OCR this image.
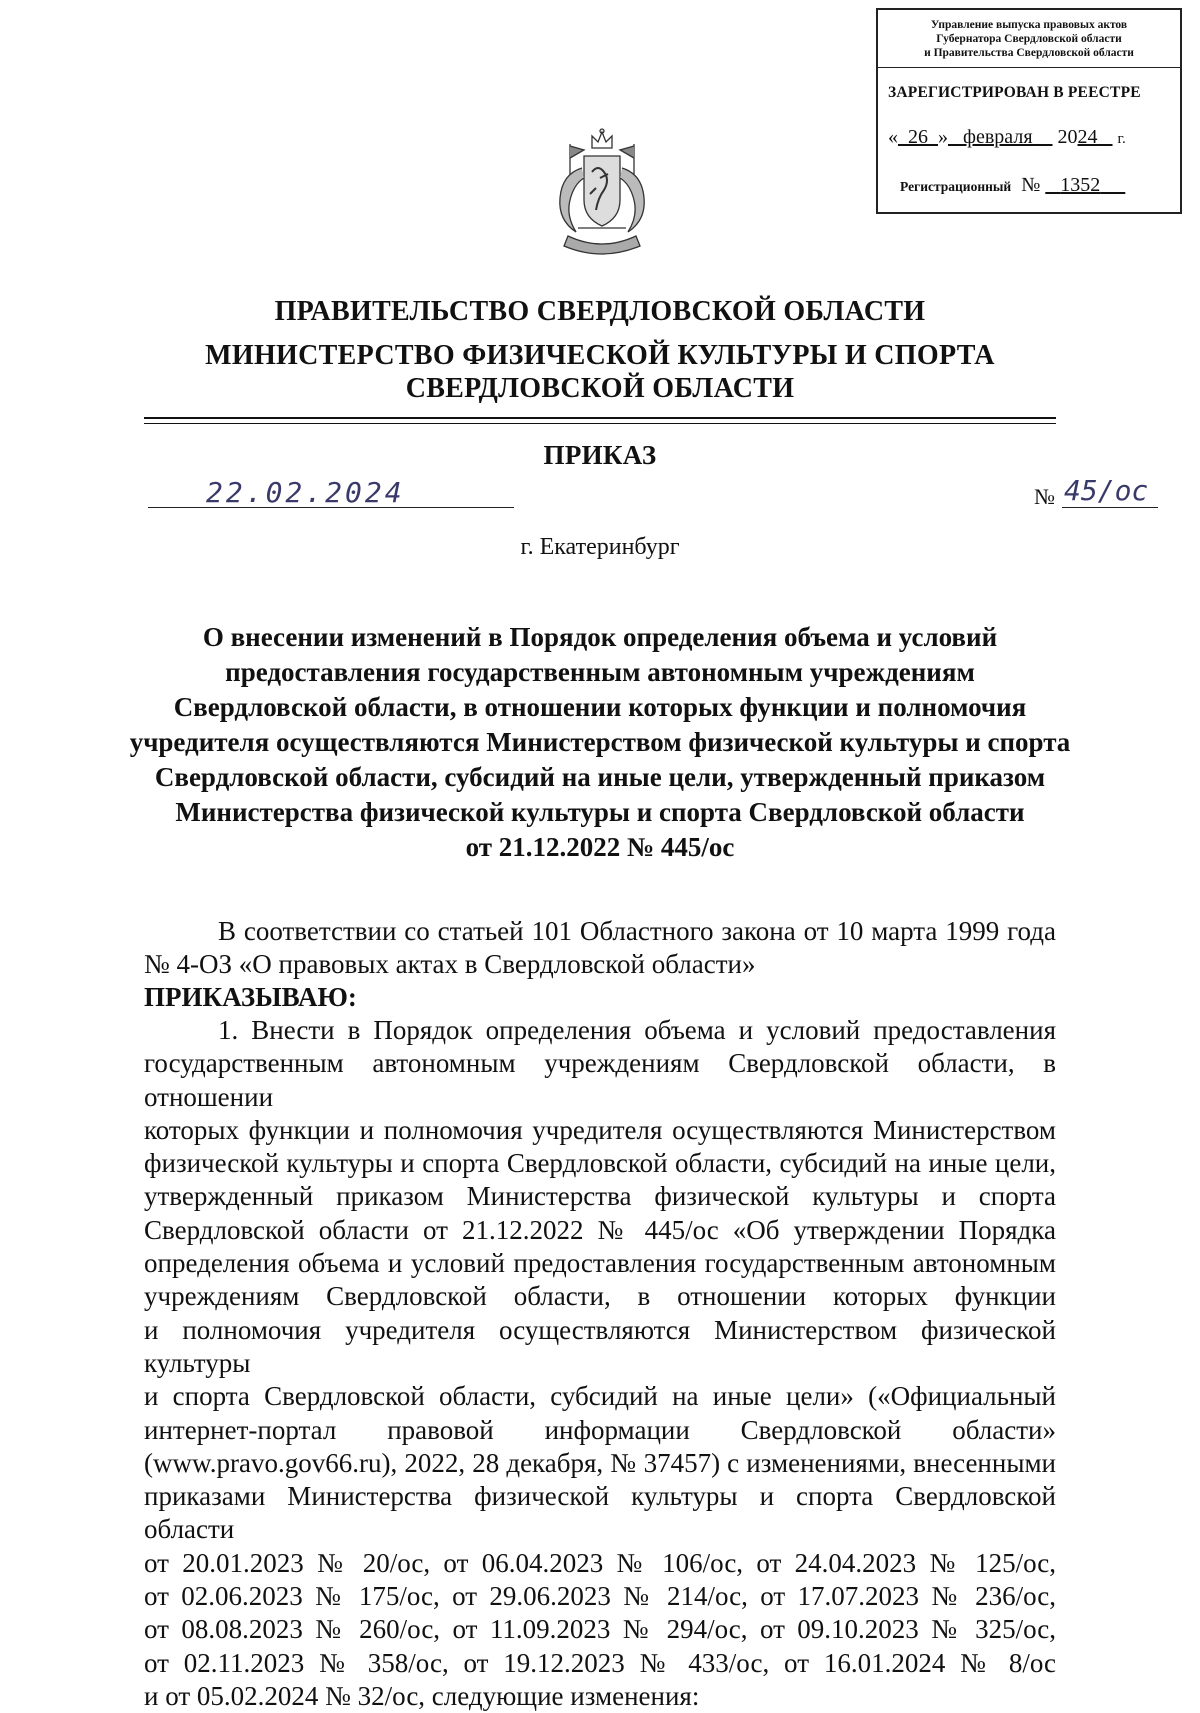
Управление выпуска правовых актов
Губернатора Свердловской области
и Правительства Свердловской области
ЗАРЕГИСТРИРОВАН В РЕЕСТРЕ
« 26 » февраля 2024 г.
Регистрационный № 1352
ПРАВИТЕЛЬСТВО СВЕРДЛОВСКОЙ ОБЛАСТИ
МИНИСТЕРСТВО ФИЗИЧЕСКОЙ КУЛЬТУРЫ И СПОРТА
СВЕРДЛОВСКОЙ ОБЛАСТИ
ПРИКАЗ
22.02.2024	№ 45/ос
г. Екатеринбург
О внесении изменений в Порядок определения объема и условий
предоставления государственным автономным учреждениям
Свердловской области, в отношении которых функции и полномочия
учредителя осуществляются Министерством физической культуры и спорта
Свердловской области, субсидий на иные цели, утвержденный приказом
Министерства физической культуры и спорта Свердловской области
от 21.12.2022 № 445/ос
В соответствии со статьей 101 Областного закона от 10 марта 1999 года
№ 4-ОЗ «О правовых актах в Свердловской области»
ПРИКАЗЫВАЮ:
1. Внести в Порядок определения объема и условий предоставления
государственным автономным учреждениям Свердловской области, в отношении
которых функции и полномочия учредителя осуществляются Министерством
физической культуры и спорта Свердловской области, субсидий на иные цели,
утвержденный приказом Министерства физической культуры и спорта
Свердловской области от 21.12.2022 № 445/ос «Об утверждении Порядка
определения объема и условий предоставления государственным автономным
учреждениям Свердловской области, в отношении которых функции
и полномочия учредителя осуществляются Министерством физической культуры
и спорта Свердловской области, субсидий на иные цели» («Официальный
интернет-портал правовой информации Свердловской области»
(www.pravo.gov66.ru), 2022, 28 декабря, № 37457) с изменениями, внесенными
приказами Министерства физической культуры и спорта Свердловской области
от 20.01.2023 № 20/ос, от 06.04.2023 № 106/ос, от 24.04.2023 № 125/ос,
от 02.06.2023 № 175/ос, от 29.06.2023 № 214/ос, от 17.07.2023 № 236/ос,
от 08.08.2023 № 260/ос, от 11.09.2023 № 294/ос, от 09.10.2023 № 325/ос,
от 02.11.2023 № 358/ос, от 19.12.2023 № 433/ос, от 16.01.2024 № 8/ос
и от 05.02.2024 № 32/ос, следующие изменения:
